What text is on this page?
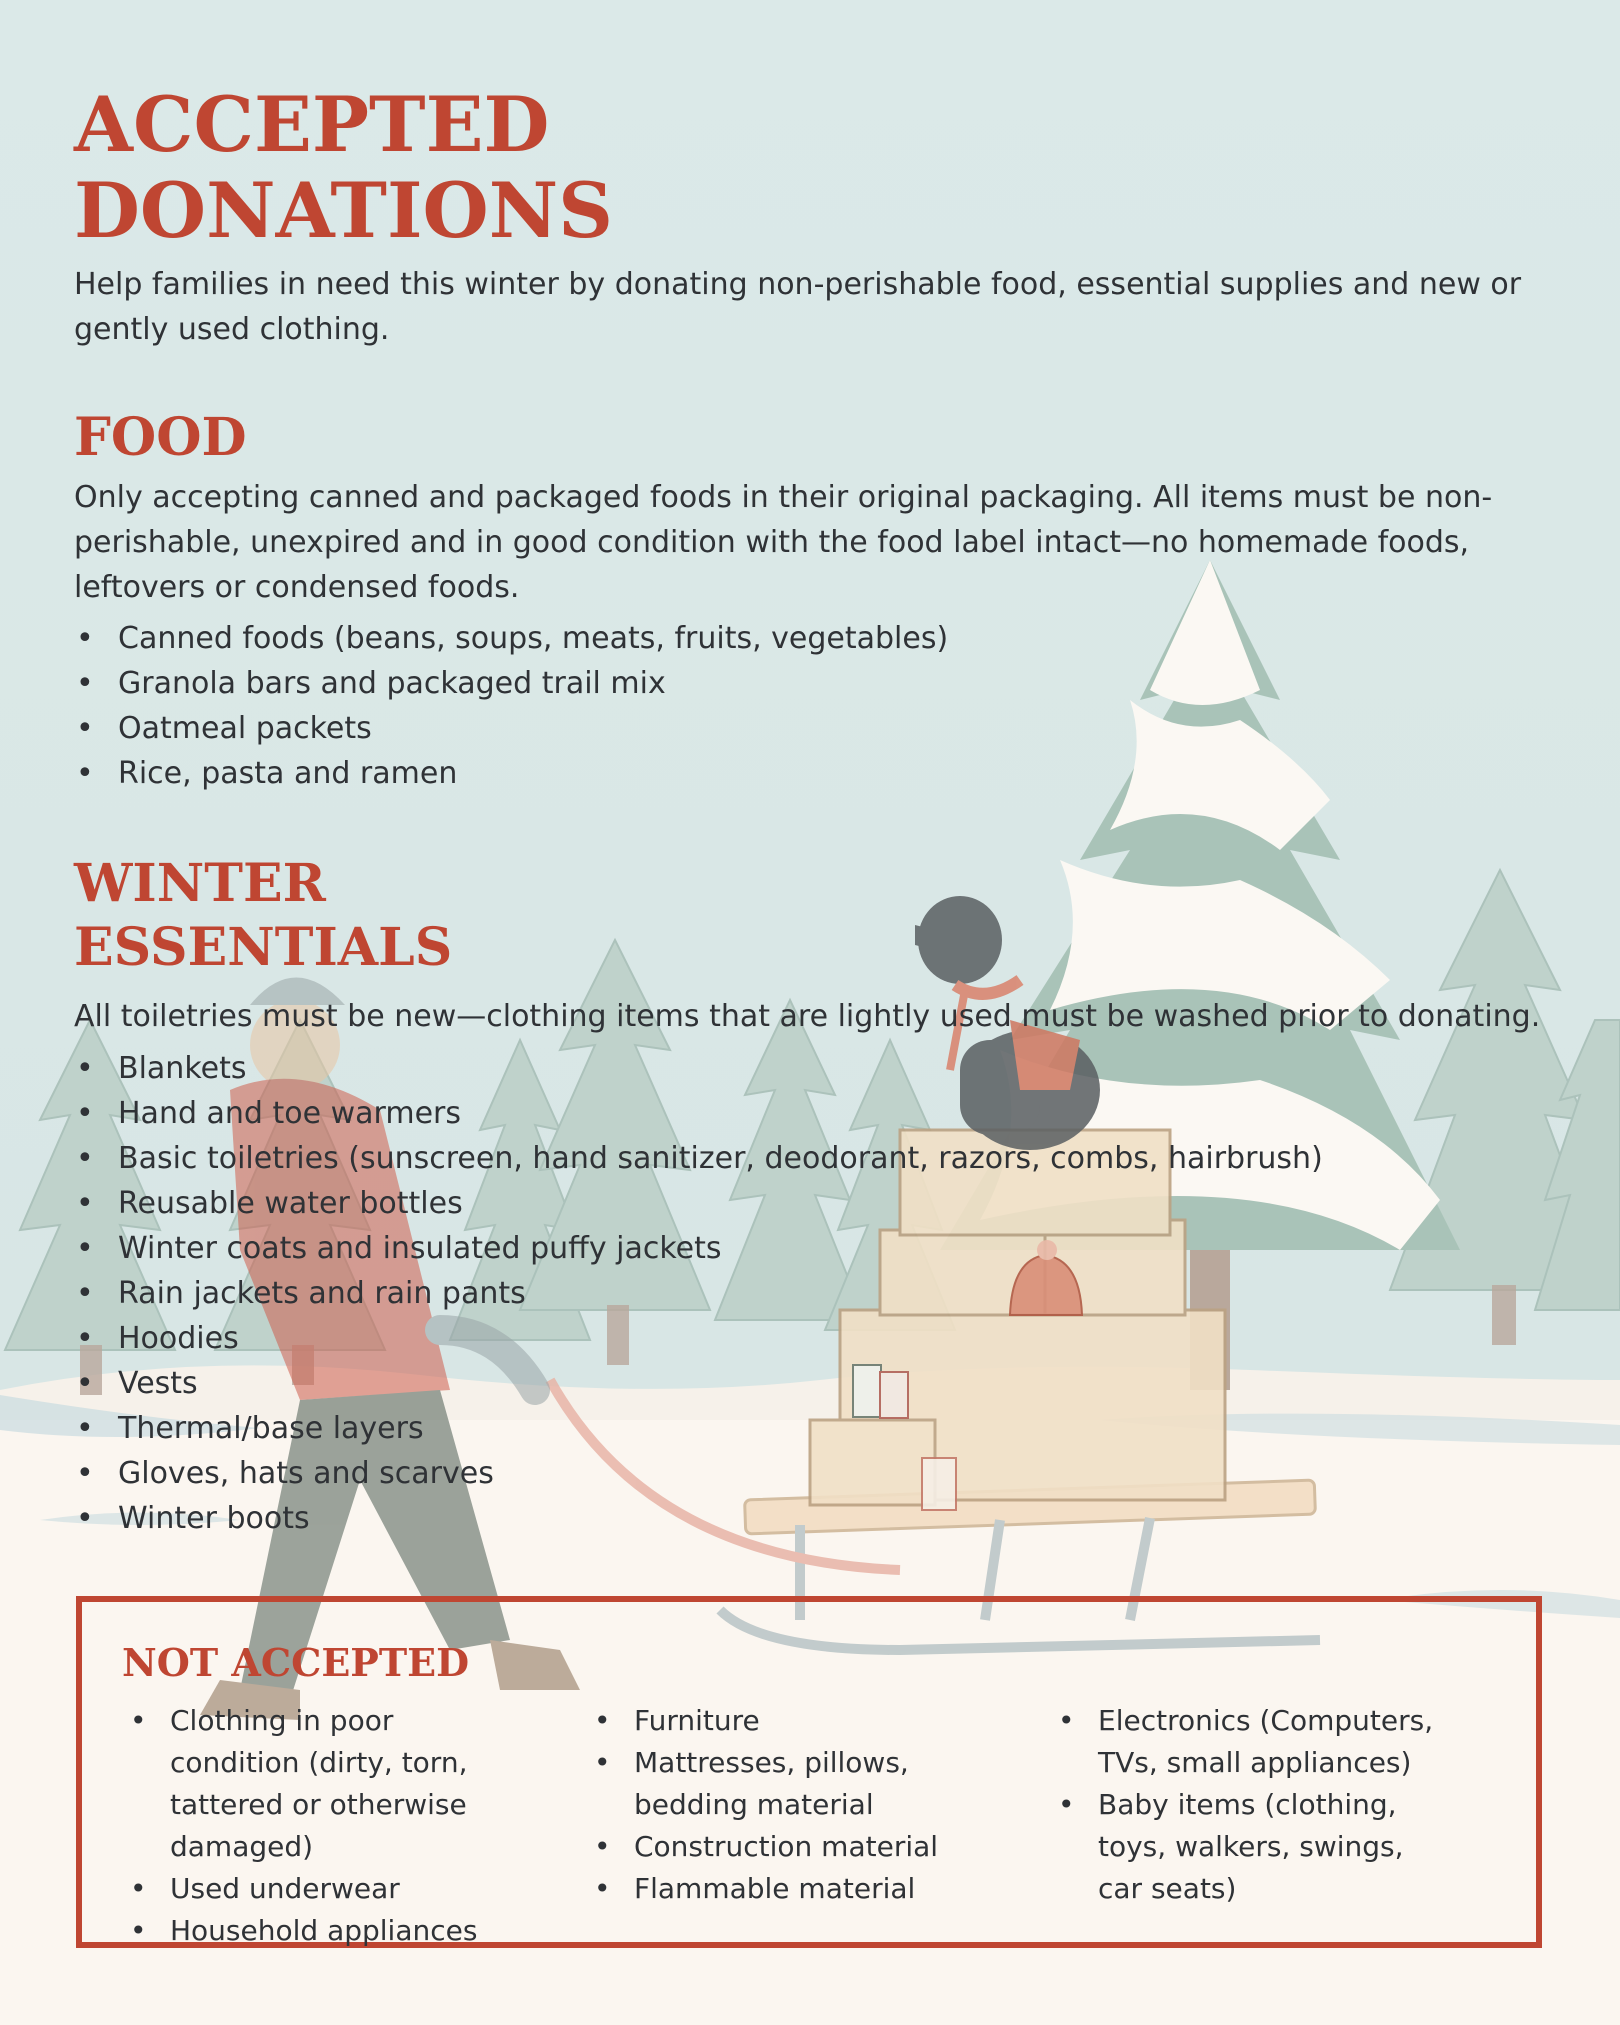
ACCEPTED
DONATIONS

Help families in need this winter by donating non-perishable food, essential supplies and new or gently used clothing.

FOOD

Only accepting canned and packaged foods in their original packaging. All items must be non-perishable, unexpired and in good condition with the food label intact—no homemade foods, leftovers or condensed foods.

• Canned foods (beans, soups, meats, fruits, vegetables)
• Granola bars and packaged trail mix
• Oatmeal packets
• Rice, pasta and ramen
WINTER
ESSENTIALS

All toiletries must be new—clothing items that are lightly used must be washed prior to donating.

• Blankets
• Hand and toe warmers
• Basic toiletries (sunscreen, hand sanitizer, deodorant, razors, combs, hairbrush)
• Reusable water bottles
• Winter coats and insulated puffy jackets
• Rain jackets and rain pants
• Hoodies
• Vests
• Thermal/base layers
• Gloves, hats and scarves
• Winter boots
NOT ACCEPTED
• Clothing in poor condition (dirty, torn, tattered or otherwise damaged)
• Used underwear
• Household appliances
• Furniture
• Mattresses, pillows, bedding material
• Construction material
• Flammable material
• Electronics (Computers, TVs, small appliances)
• Baby items (clothing, toys, walkers, swings, car seats)
